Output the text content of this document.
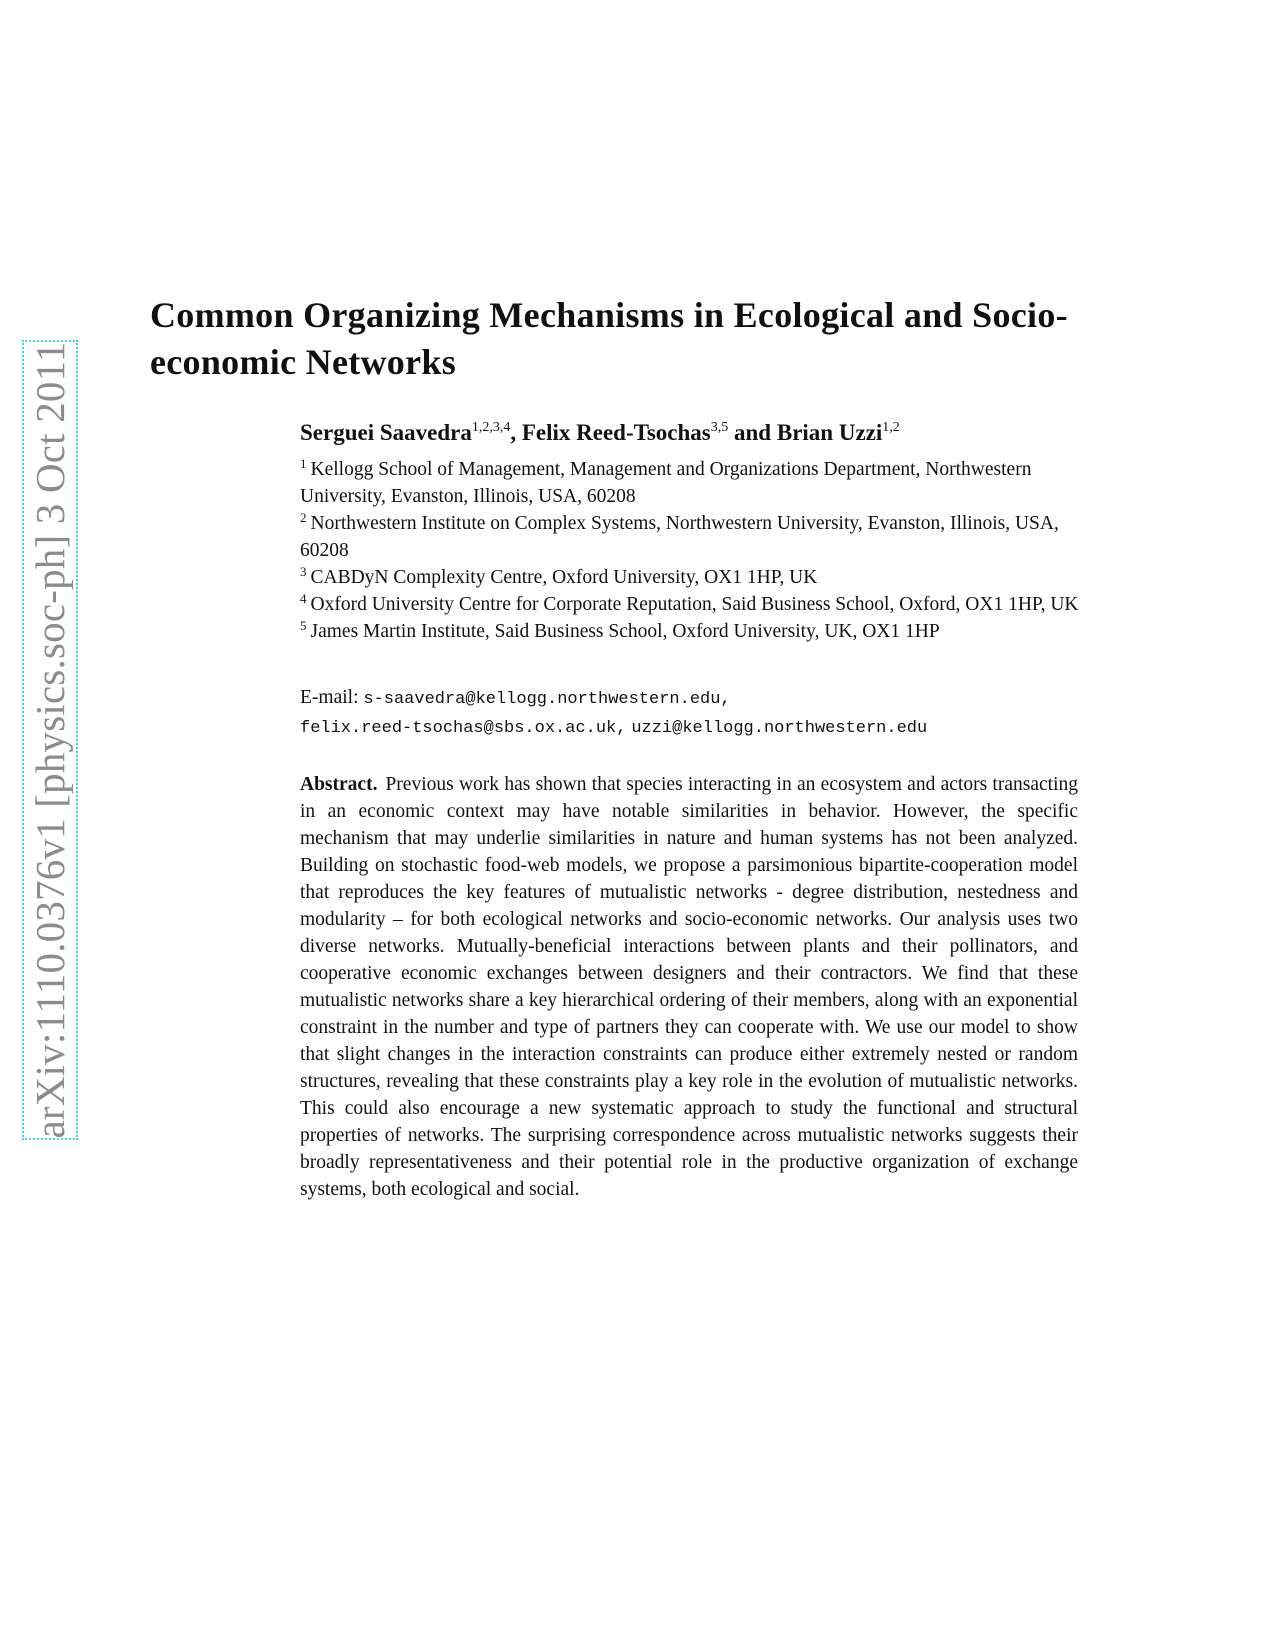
arXiv:1110.0376v1 [physics.soc-ph] 3 Oct 2011
Common Organizing Mechanisms in Ecological and Socio-economic Networks
Serguei Saavedra$^{1,2,3,4}$, Felix Reed-Tsochas$^{3,5}$ and Brian Uzzi$^{1,2}$

$^1$ Kellogg School of Management, Management and Organizations Department, Northwestern University, Evanston, Illinois, USA, 60208

$^2$ Northwestern Institute on Complex Systems, Northwestern University, Evanston, Illinois, USA, 60208

$^3$ CABDyN Complexity Centre, Oxford University, OX1 1HP, UK

$^4$ Oxford University Centre for Corporate Reputation, Said Business School, Oxford, OX1 1HP, UK

$^5$ James Martin Institute, Said Business School, Oxford University, UK, OX1 1HP

E-mail: s-saavedra@kellogg.northwestern.edu,
felix.reed-tsochas@sbs.ox.ac.uk, uzzi@kellogg.northwestern.edu
Abstract. Previous work has shown that species interacting in an ecosystem and actors transacting in an economic context may have notable similarities in behavior. However, the specific mechanism that may underlie similarities in nature and human systems has not been analyzed. Building on stochastic food-web models, we propose a parsimonious bipartite-cooperation model that reproduces the key features of mutualistic networks - degree distribution, nestedness and modularity – for both ecological networks and socio-economic networks. Our analysis uses two diverse networks. Mutually-beneficial interactions between plants and their pollinators, and cooperative economic exchanges between designers and their contractors. We find that these mutualistic networks share a key hierarchical ordering of their members, along with an exponential constraint in the number and type of partners they can cooperate with. We use our model to show that slight changes in the interaction constraints can produce either extremely nested or random structures, revealing that these constraints play a key role in the evolution of mutualistic networks. This could also encourage a new systematic approach to study the functional and structural properties of networks. The surprising correspondence across mutualistic networks suggests their broadly representativeness and their potential role in the productive organization of exchange systems, both ecological and social.
